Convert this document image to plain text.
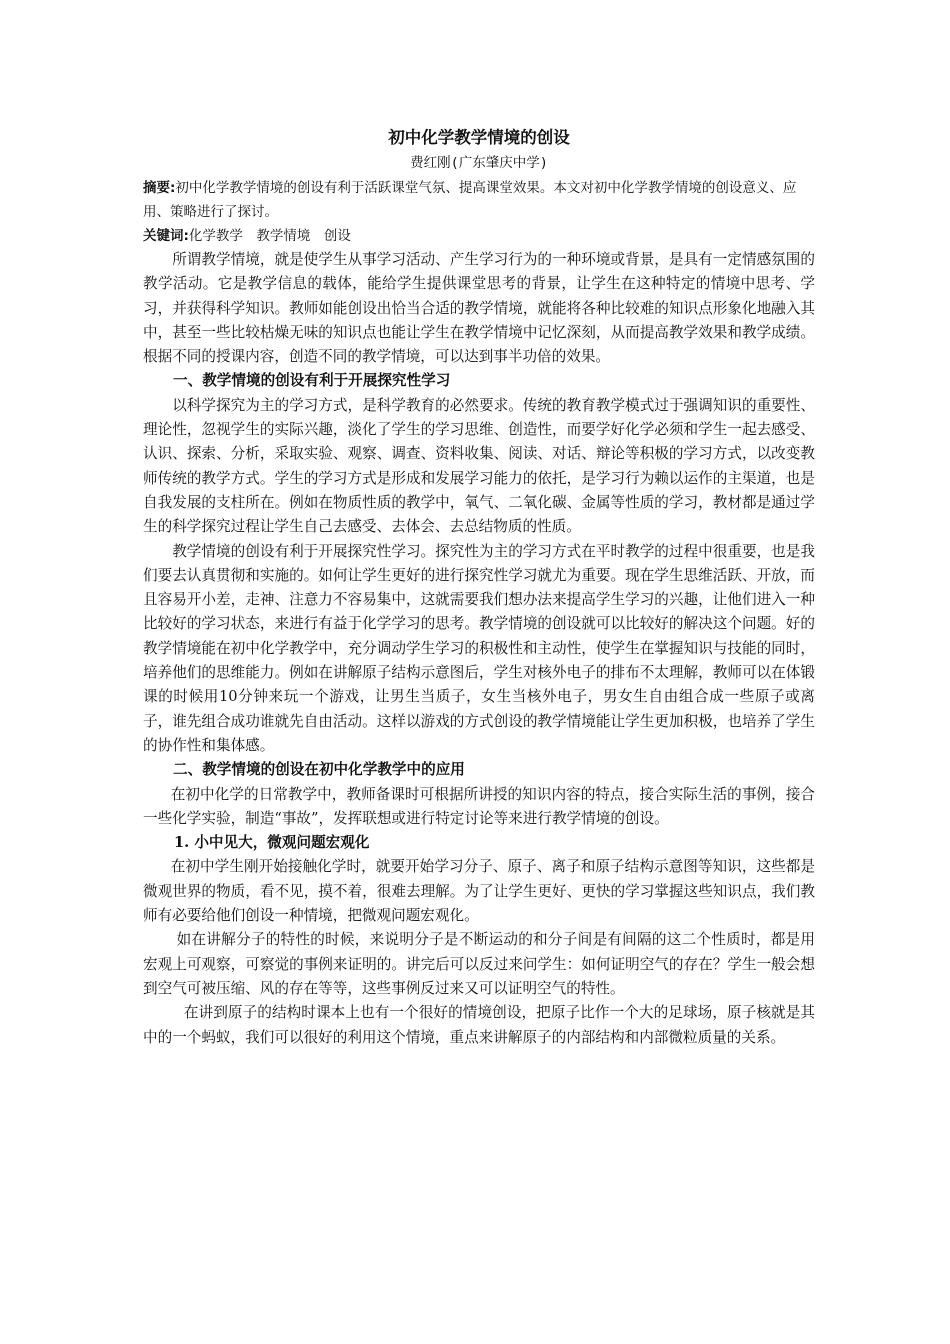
初中化学教学情境的创设

费红刚(广东肇庆中学)

摘要:初中化学教学情境的创设有利于活跃课堂气氛、提高课堂效果。本文对初中化学教学情境的创设意义、应用、策略进行了探讨。

关键词:化学教学　教学情境　创设

所谓教学情境，就是使学生从事学习活动、产生学习行为的一种环境或背景，是具有一定情感氛围的教学活动。它是教学信息的载体，能给学生提供课堂思考的背景，让学生在这种特定的情境中思考、学习，并获得科学知识。教师如能创设出恰当合适的教学情境，就能将各种比较难的知识点形象化地融入其中，甚至一些比较枯燥无味的知识点也能让学生在教学情境中记忆深刻，从而提高教学效果和教学成绩。根据不同的授课内容，创造不同的教学情境，可以达到事半功倍的效果。

一、教学情境的创设有利于开展探究性学习

以科学探究为主的学习方式，是科学教育的必然要求。传统的教育教学模式过于强调知识的重要性、理论性，忽视学生的实际兴趣，淡化了学生的学习思维、创造性，而要学好化学必须和学生一起去感受、认识、探索、分析，采取实验、观察、调查、资料收集、阅读、对话、辩论等积极的学习方式，以改变教师传统的教学方式。学生的学习方式是形成和发展学习能力的依托，是学习行为赖以运作的主渠道，也是自我发展的支柱所在。例如在物质性质的教学中，氧气、二氧化碳、金属等性质的学习，教材都是通过学生的科学探究过程让学生自己去感受、去体会、去总结物质的性质。

教学情境的创设有利于开展探究性学习。探究性为主的学习方式在平时教学的过程中很重要，也是我们要去认真贯彻和实施的。如何让学生更好的进行探究性学习就尤为重要。现在学生思维活跃、开放，而且容易开小差，走神、注意力不容易集中，这就需要我们想办法来提高学生学习的兴趣，让他们进入一种比较好的学习状态，来进行有益于化学学习的思考。教学情境的创设就可以比较好的解决这个问题。好的教学情境能在初中化学教学中，充分调动学生学习的积极性和主动性，使学生在掌握知识与技能的同时，培养他们的思维能力。例如在讲解原子结构示意图后，学生对核外电子的排布不太理解，教师可以在体锻课的时候用10分钟来玩一个游戏，让男生当质子，女生当核外电子，男女生自由组合成一些原子或离子，谁先组合成功谁就先自由活动。这样以游戏的方式创设的教学情境能让学生更加积极，也培养了学生的协作性和集体感。

二、教学情境的创设在初中化学教学中的应用

在初中化学的日常教学中，教师备课时可根据所讲授的知识内容的特点，接合实际生活的事例，接合一些化学实验，制造“事故”，发挥联想或进行特定讨论等来进行教学情境的创设。

1. 小中见大，微观问题宏观化

在初中学生刚开始接触化学时，就要开始学习分子、原子、离子和原子结构示意图等知识，这些都是微观世界的物质，看不见，摸不着，很难去理解。为了让学生更好、更快的学习掌握这些知识点，我们教师有必要给他们创设一种情境，把微观问题宏观化。

如在讲解分子的特性的时候，来说明分子是不断运动的和分子间是有间隔的这二个性质时，都是用宏观上可观察，可察觉的事例来证明的。讲完后可以反过来问学生：如何证明空气的存在？学生一般会想到空气可被压缩、风的存在等等，这些事例反过来又可以证明空气的特性。

在讲到原子的结构时课本上也有一个很好的情境创设，把原子比作一个大的足球场，原子核就是其中的一个蚂蚁，我们可以很好的利用这个情境，重点来讲解原子的内部结构和内部微粒质量的关系。
